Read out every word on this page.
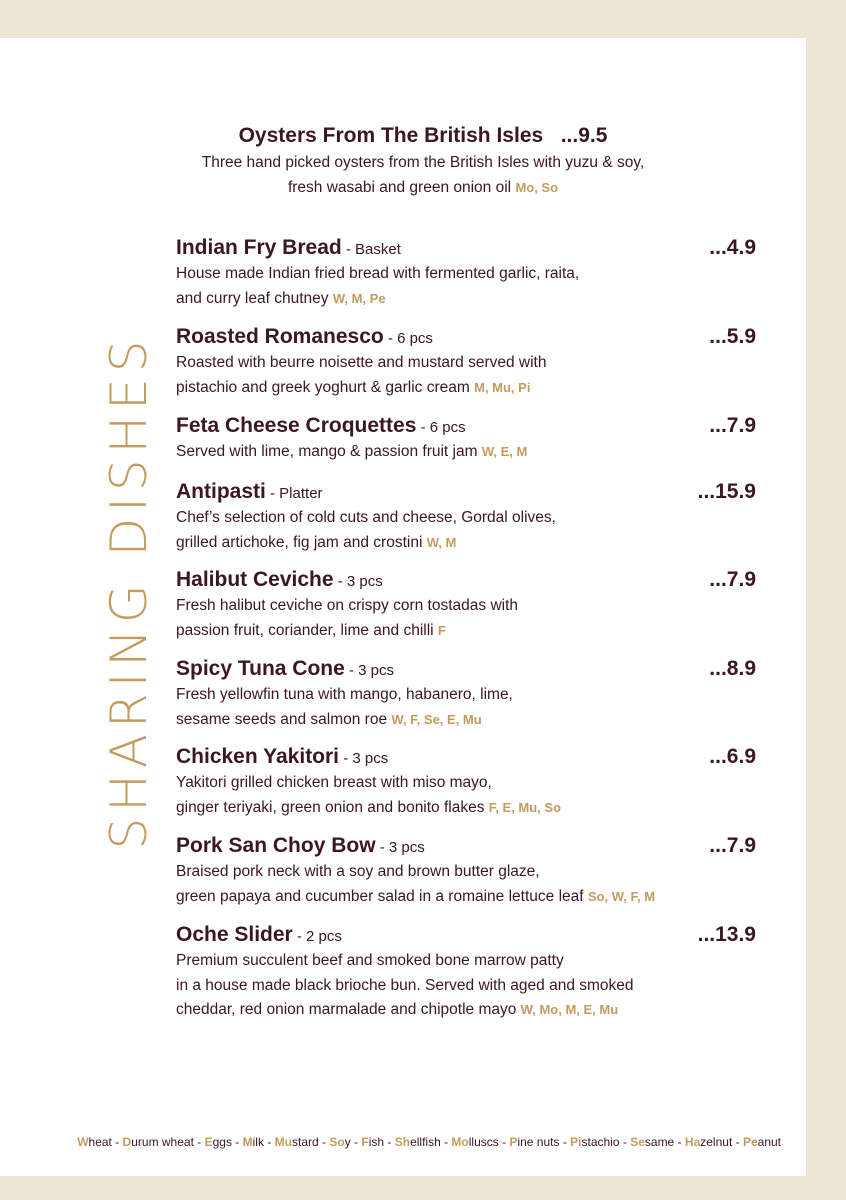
SHARING DISHES
Oysters From The British Isles ...9.5
Three hand picked oysters from the British Isles with yuzu & soy,
fresh wasabi and green onion oil Mo, So
Indian Fry Bread - Basket	...4.9
House made Indian fried bread with fermented garlic, raita,
and curry leaf chutney W, M, Pe
Roasted Romanesco - 6 pcs	...5.9
Roasted with beurre noisette and mustard served with
pistachio and greek yoghurt & garlic cream M, Mu, Pi
Feta Cheese Croquettes - 6 pcs	...7.9
Served with lime, mango & passion fruit jam W, E, M
Antipasti - Platter	...15.9
Chef’s selection of cold cuts and cheese, Gordal olives,
grilled artichoke, fig jam and crostini W, M
Halibut Ceviche - 3 pcs	...7.9
Fresh halibut ceviche on crispy corn tostadas with
passion fruit, coriander, lime and chilli F
Spicy Tuna Cone - 3 pcs	...8.9
Fresh yellowfin tuna with mango, habanero, lime,
sesame seeds and salmon roe W, F, Se, E, Mu
Chicken Yakitori - 3 pcs	...6.9
Yakitori grilled chicken breast with miso mayo,
ginger teriyaki, green onion and bonito flakes F, E, Mu, So
Pork San Choy Bow - 3 pcs	...7.9
Braised pork neck with a soy and brown butter glaze,
green papaya and cucumber salad in a romaine lettuce leaf So, W, F, M
Oche Slider - 2 pcs	...13.9
Premium succulent beef and smoked bone marrow patty
in a house made black brioche bun. Served with aged and smoked
cheddar, red onion marmalade and chipotle mayo W, Mo, M, E, Mu
Wheat - Durum wheat - Eggs - Milk - Mustard - Soy - Fish - Shellfish - Molluscs - Pine nuts - Pistachio - Sesame - Hazelnut - Peanut
